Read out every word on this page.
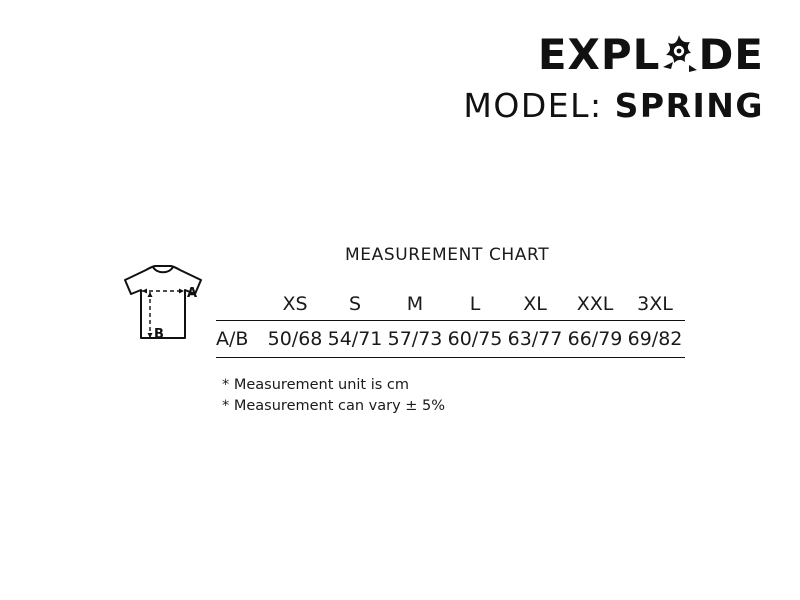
EXPL DE
MODEL: SPRING
MEASUREMENT CHART
A
B
	XS	S	M	L	XL	XXL	3XL
A/B	50/68	54/71	57/73	60/75	63/77	66/79	69/82
* Measurement unit is cm
* Measurement can vary ± 5%
